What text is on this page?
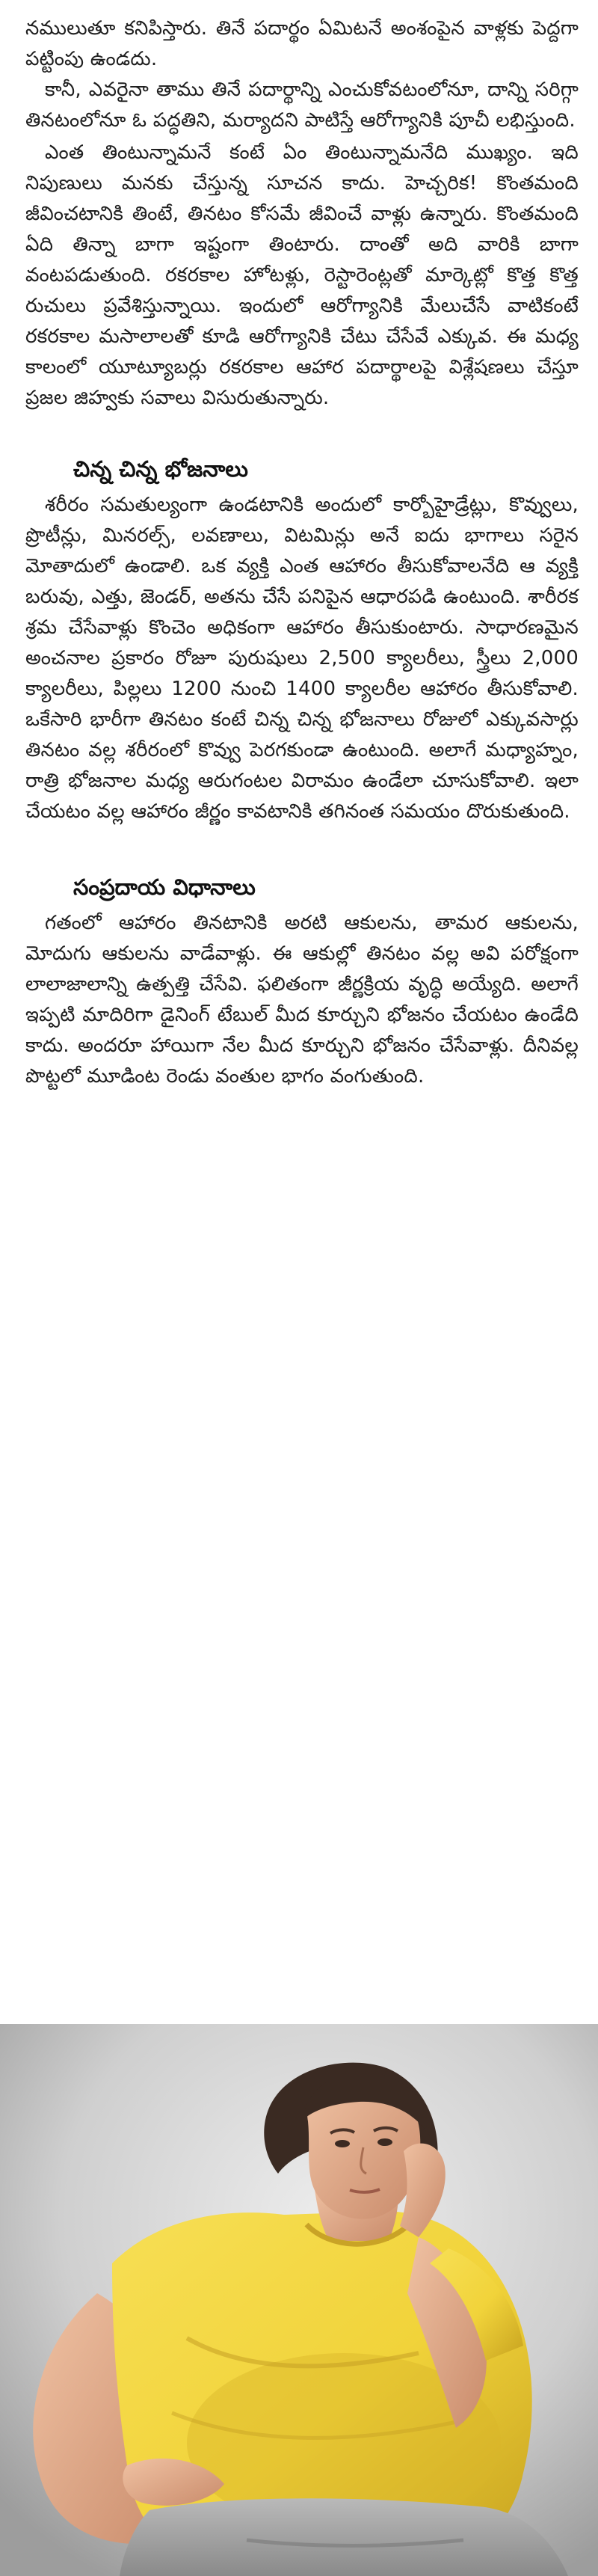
నములుతూ కనిపిస్తారు. తినే పదార్థం ఏమిటనే అంశంపైన వాళ్లకు పెద్దగా పట్టింపు ఉండదు.

కానీ, ఎవరైనా తాము తినే పదార్థాన్ని ఎంచుకోవటంలోనూ, దాన్ని సరిగ్గా తినటంలోనూ ఓ పద్ధతిని, మర్యాదని పాటిస్తే ఆరోగ్యానికి పూచీ లభిస్తుంది.

ఎంత తింటున్నామనే కంటే ఏం తింటున్నామనేది ముఖ్యం. ఇది నిపుణులు మనకు చేస్తున్న సూచన కాదు. హెచ్చరిక! కొంతమంది జీవించటానికి తింటే, తినటం కోసమే జీవించే వాళ్లు ఉన్నారు. కొంతమంది ఏది తిన్నా బాగా ఇష్టంగా తింటారు. దాంతో అది వారికి బాగా వంటపడుతుంది. రకరకాల హోటళ్లు, రెస్టారెంట్లతో మార్కెట్లో కొత్త కొత్త రుచులు ప్రవేశిస్తున్నాయి. ఇందులో ఆరోగ్యానికి మేలుచేసే వాటికంటే రకరకాల మసాలాలతో కూడి ఆరోగ్యానికి చేటు చేసేవే ఎక్కువ. ఈ మధ్య కాలంలో యూట్యూబర్లు రకరకాల ఆహార పదార్థాలపై విశ్లేషణలు చేస్తూ ప్రజల జిహ్వకు సవాలు విసురుతున్నారు.

చిన్న చిన్న భోజనాలు

శరీరం సమతుల్యంగా ఉండటానికి అందులో కార్బోహైడ్రేట్లు, కొవ్వులు, ప్రొటీన్లు, మినరల్స్‌, లవణాలు, విటమిన్లు అనే ఐదు భాగాలు సరైన మోతాదులో ఉండాలి. ఒక వ్యక్తి ఎంత ఆహారం తీసుకోవాలనేది ఆ వ్యక్తి బరువు, ఎత్తు, జెండర్‌, అతను చేసే పనిపైన ఆధారపడి ఉంటుంది. శారీరక శ్రమ చేసేవాళ్లు కొంచెం అధికంగా ఆహారం తీసుకుంటారు. సాధారణమైన అంచనాల ప్రకారం రోజూ పురుషులు 2,500 క్యాలరీలు, స్త్రీలు 2,000 క్యాలరీలు, పిల్లలు 1200 నుంచి 1400 క్యాలరీల ఆహారం తీసుకోవాలి. ఒకేసారి భారీగా తినటం కంటే చిన్న చిన్న భోజనాలు రోజులో ఎక్కువసార్లు తినటం వల్ల శరీరంలో కొవ్వు పెరగకుండా ఉంటుంది. అలాగే మధ్యాహ్నం, రాత్రి భోజనాల మధ్య ఆరుగంటల విరామం ఉండేలా చూసుకోవాలి. ఇలా చేయటం వల్ల ఆహారం జీర్ణం కావటానికి తగినంత సమయం దొరుకుతుంది.

సంప్రదాయ విధానాలు

గతంలో ఆహారం తినటానికి అరటి ఆకులను, తామర ఆకులను, మోదుగు ఆకులను వాడేవాళ్లు. ఈ ఆకుల్లో తినటం వల్ల అవి పరోక్షంగా లాలాజాలాన్ని ఉత్పత్తి చేసేవి. ఫలితంగా జీర్ణక్రియ వృద్ధి అయ్యేది. అలాగే ఇప్పటి మాదిరిగా డైనింగ్‌ టేబుల్‌ మీద కూర్చుని భోజనం చేయటం ఉండేది కాదు. అందరూ హాయిగా నేల మీద కూర్చుని భోజనం చేసేవాళ్లు. దీనివల్ల పొట్టలో మూడింట రెండు వంతుల భాగం వంగుతుంది.
